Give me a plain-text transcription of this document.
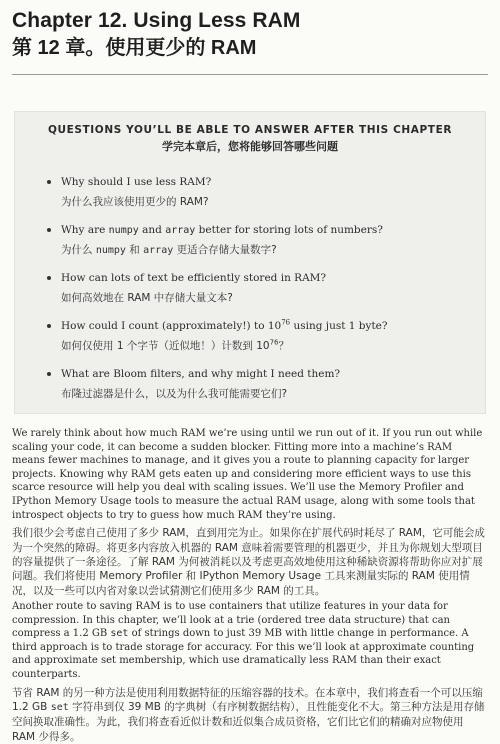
Chapter 12. Using Less RAM
第 12 章。使用更少的 RAM
QUESTIONS YOU’LL BE ABLE TO ANSWER AFTER THIS CHAPTER
学完本章后，您将能够回答哪些问题
Why should I use less RAM?
为什么我应该使用更少的 RAM?
Why are numpy and array better for storing lots of numbers?
为什么 numpy 和 array 更适合存储大量数字?
How can lots of text be efficiently stored in RAM?
如何高效地在 RAM 中存储大量文本?
How could I count (approximately!) to $10^{76}$ using just 1 byte?
如何仅使用 1 个字节（近似地！）计数到 $10^{76}$？
What are Bloom filters, and why might I need them?
布隆过滤器是什么，以及为什么我可能需要它们?

We rarely think about how much RAM we’re using until we run out of it. If you run out while scaling your code, it can become a sudden blocker. Fitting more into a machine’s RAM means fewer machines to manage, and it gives you a route to planning capacity for larger projects. Knowing why RAM gets eaten up and considering more efficient ways to use this scarce resource will help you deal with scaling issues. We’ll use the Memory Profiler and IPython Memory Usage tools to measure the actual RAM usage, along with some tools that introspect objects to try to guess how much RAM they’re using.

我们很少会考虑自己使用了多少 RAM，直到用完为止。如果你在扩展代码时耗尽了 RAM，它可能会成为一个突然的障碍。将更多内容放入机器的 RAM 意味着需要管理的机器更少，并且为你规划大型项目的容量提供了一条途径。了解 RAM 为何被消耗以及考虑更高效地使用这种稀缺资源将帮助你应对扩展问题。我们将使用 Memory Profiler 和 IPython Memory Usage 工具来测量实际的 RAM 使用情况，以及一些可以内省对象以尝试猜测它们使用多少 RAM 的工具。

Another route to saving RAM is to use containers that utilize features in your data for compression. In this chapter, we’ll look at a trie (ordered tree data structure) that can compress a 1.2 GB set of strings down to just 39 MB with little change in performance. A third approach is to trade storage for accuracy. For this we’ll look at approximate counting and approximate set membership, which use dramatically less RAM than their exact counterparts.

节省 RAM 的另一种方法是使用利用数据特征的压缩容器的技术。在本章中，我们将查看一个可以压缩 1.2 GB set 字符串到仅 39 MB 的字典树（有序树数据结构），且性能变化不大。第三种方法是用存储空间换取准确性。为此，我们将查看近似计数和近似集合成员资格，它们比它们的精确对应物使用 RAM 少得多。
